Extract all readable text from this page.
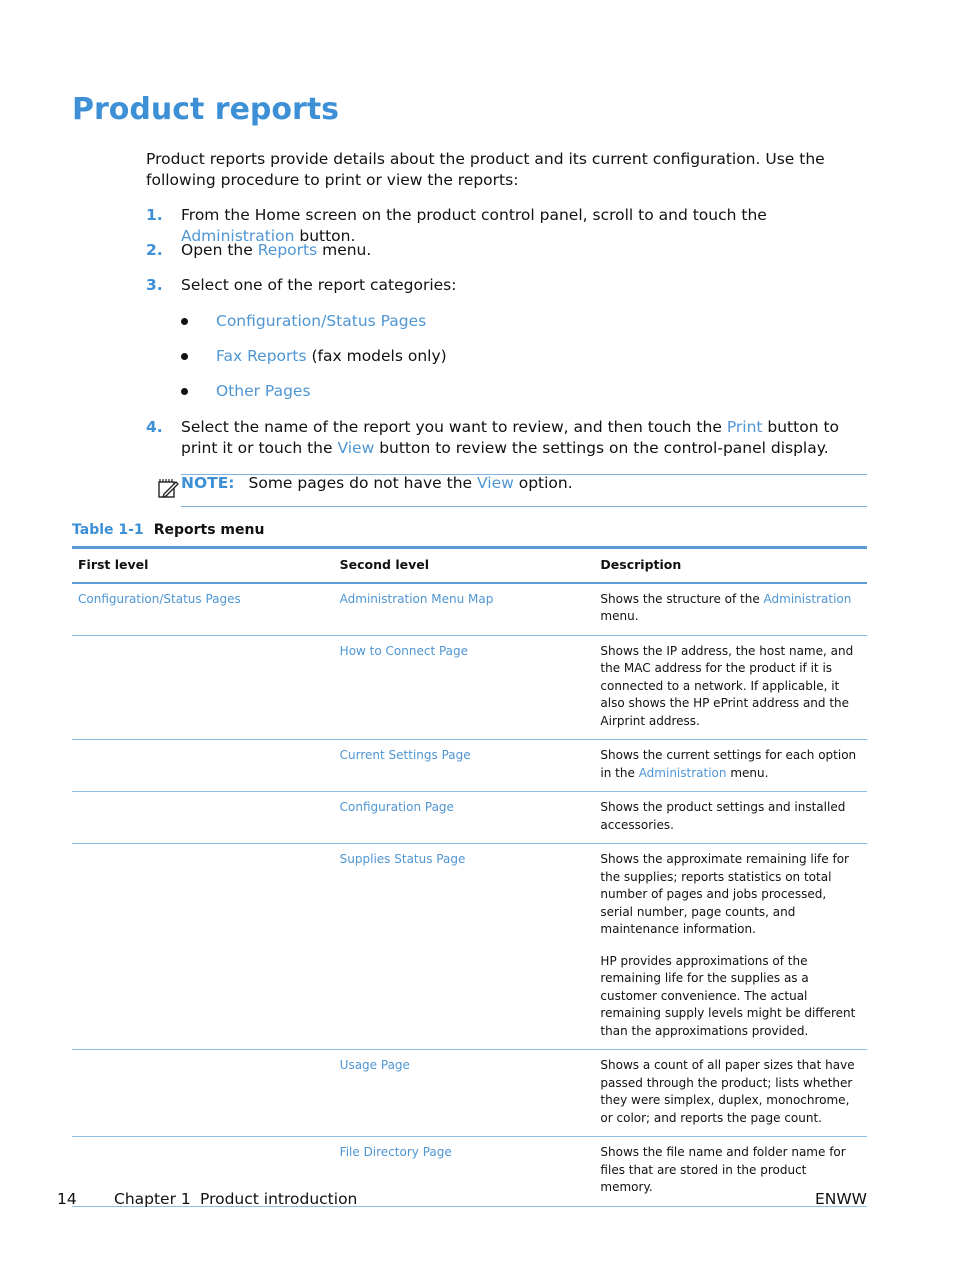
Product reports
Product reports provide details about the product and its current configuration. Use the following procedure to print or view the reports:
1. From the Home screen on the product control panel, scroll to and touch the Administration button.
2. Open the Reports menu.
3. Select one of the report categories:
Configuration/Status Pages
Fax Reports (fax models only)
Other Pages
4. Select the name of the report you want to review, and then touch the Print button to print it or touch the View button to review the settings on the control-panel display.
NOTE: Some pages do not have the View option.
Table 1-1 Reports menu
First level	Second level	Description
Configuration/Status Pages	Administration Menu Map	Shows the structure of the Administration menu.
	How to Connect Page	Shows the IP address, the host name, and the MAC address for the product if it is connected to a network. If applicable, it also shows the HP ePrint address and the Airprint address.
	Current Settings Page	Shows the current settings for each option in the Administration menu.
	Configuration Page	Shows the product settings and installed accessories.
	Supplies Status Page	Shows the approximate remaining life for the supplies; reports statistics on total number of pages and jobs processed, serial number, page counts, and maintenance information.

HP provides approximations of the remaining life for the supplies as a customer convenience. The actual remaining supply levels might be different than the approximations provided.

	Usage Page	Shows a count of all paper sizes that have passed through the product; lists whether they were simplex, duplex, monochrome, or color; and reports the page count.
	File Directory Page	Shows the file name and folder name for files that are stored in the product memory.
14 Chapter 1 Product introduction	ENWW
